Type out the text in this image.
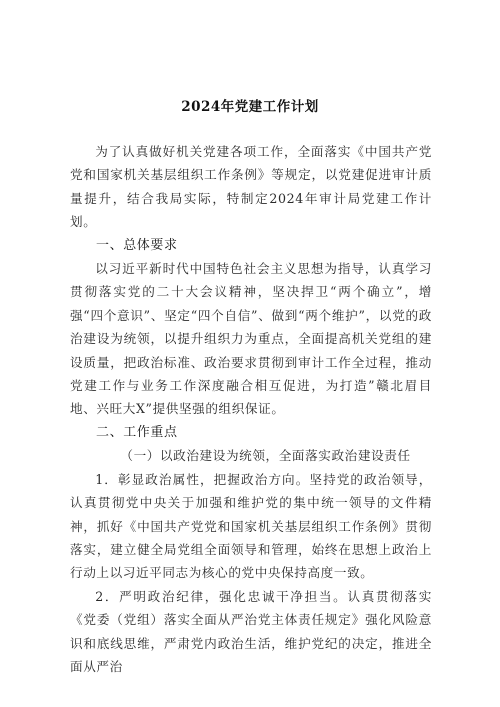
2024年党建工作计划

为了认真做好机关党建各项工作，全面落实《中国共产党党和国家机关基层组织工作条例》等规定，以党建促进审计质量提升，结合我局实际，特制定2024年审计局党建工作计划。

一、总体要求

以习近平新时代中国特色社会主义思想为指导，认真学习贯彻落实党的二十大会议精神，坚决捍卫“两个确立”，增强“四个意识”、坚定“四个自信”、做到“两个维护”，以党的政治建设为统领，以提升组织力为重点，全面提高机关党组的建设质量，把政治标准、政治要求贯彻到审计工作全过程，推动党建工作与业务工作深度融合相互促进，为打造”赣北眉目地、兴旺大X”提供坚强的组织保证。

二、工作重点

（一）以政治建设为统领，全面落实政治建设责任

1．彰显政治属性，把握政治方向。坚持党的政治领导，认真贯彻党中央关于加强和维护党的集中统一领导的文件精神，抓好《中国共产党党和国家机关基层组织工作条例》贯彻落实，建立健全局党组全面领导和管理，始终在思想上政治上行动上以习近平同志为核心的党中央保持高度一致。

2．严明政治纪律，强化忠诚干净担当。认真贯彻落实《党委（党组）落实全面从严治党主体责任规定》强化风险意识和底线思维，严肃党内政治生活，维护党纪的决定，推进全面从严治
